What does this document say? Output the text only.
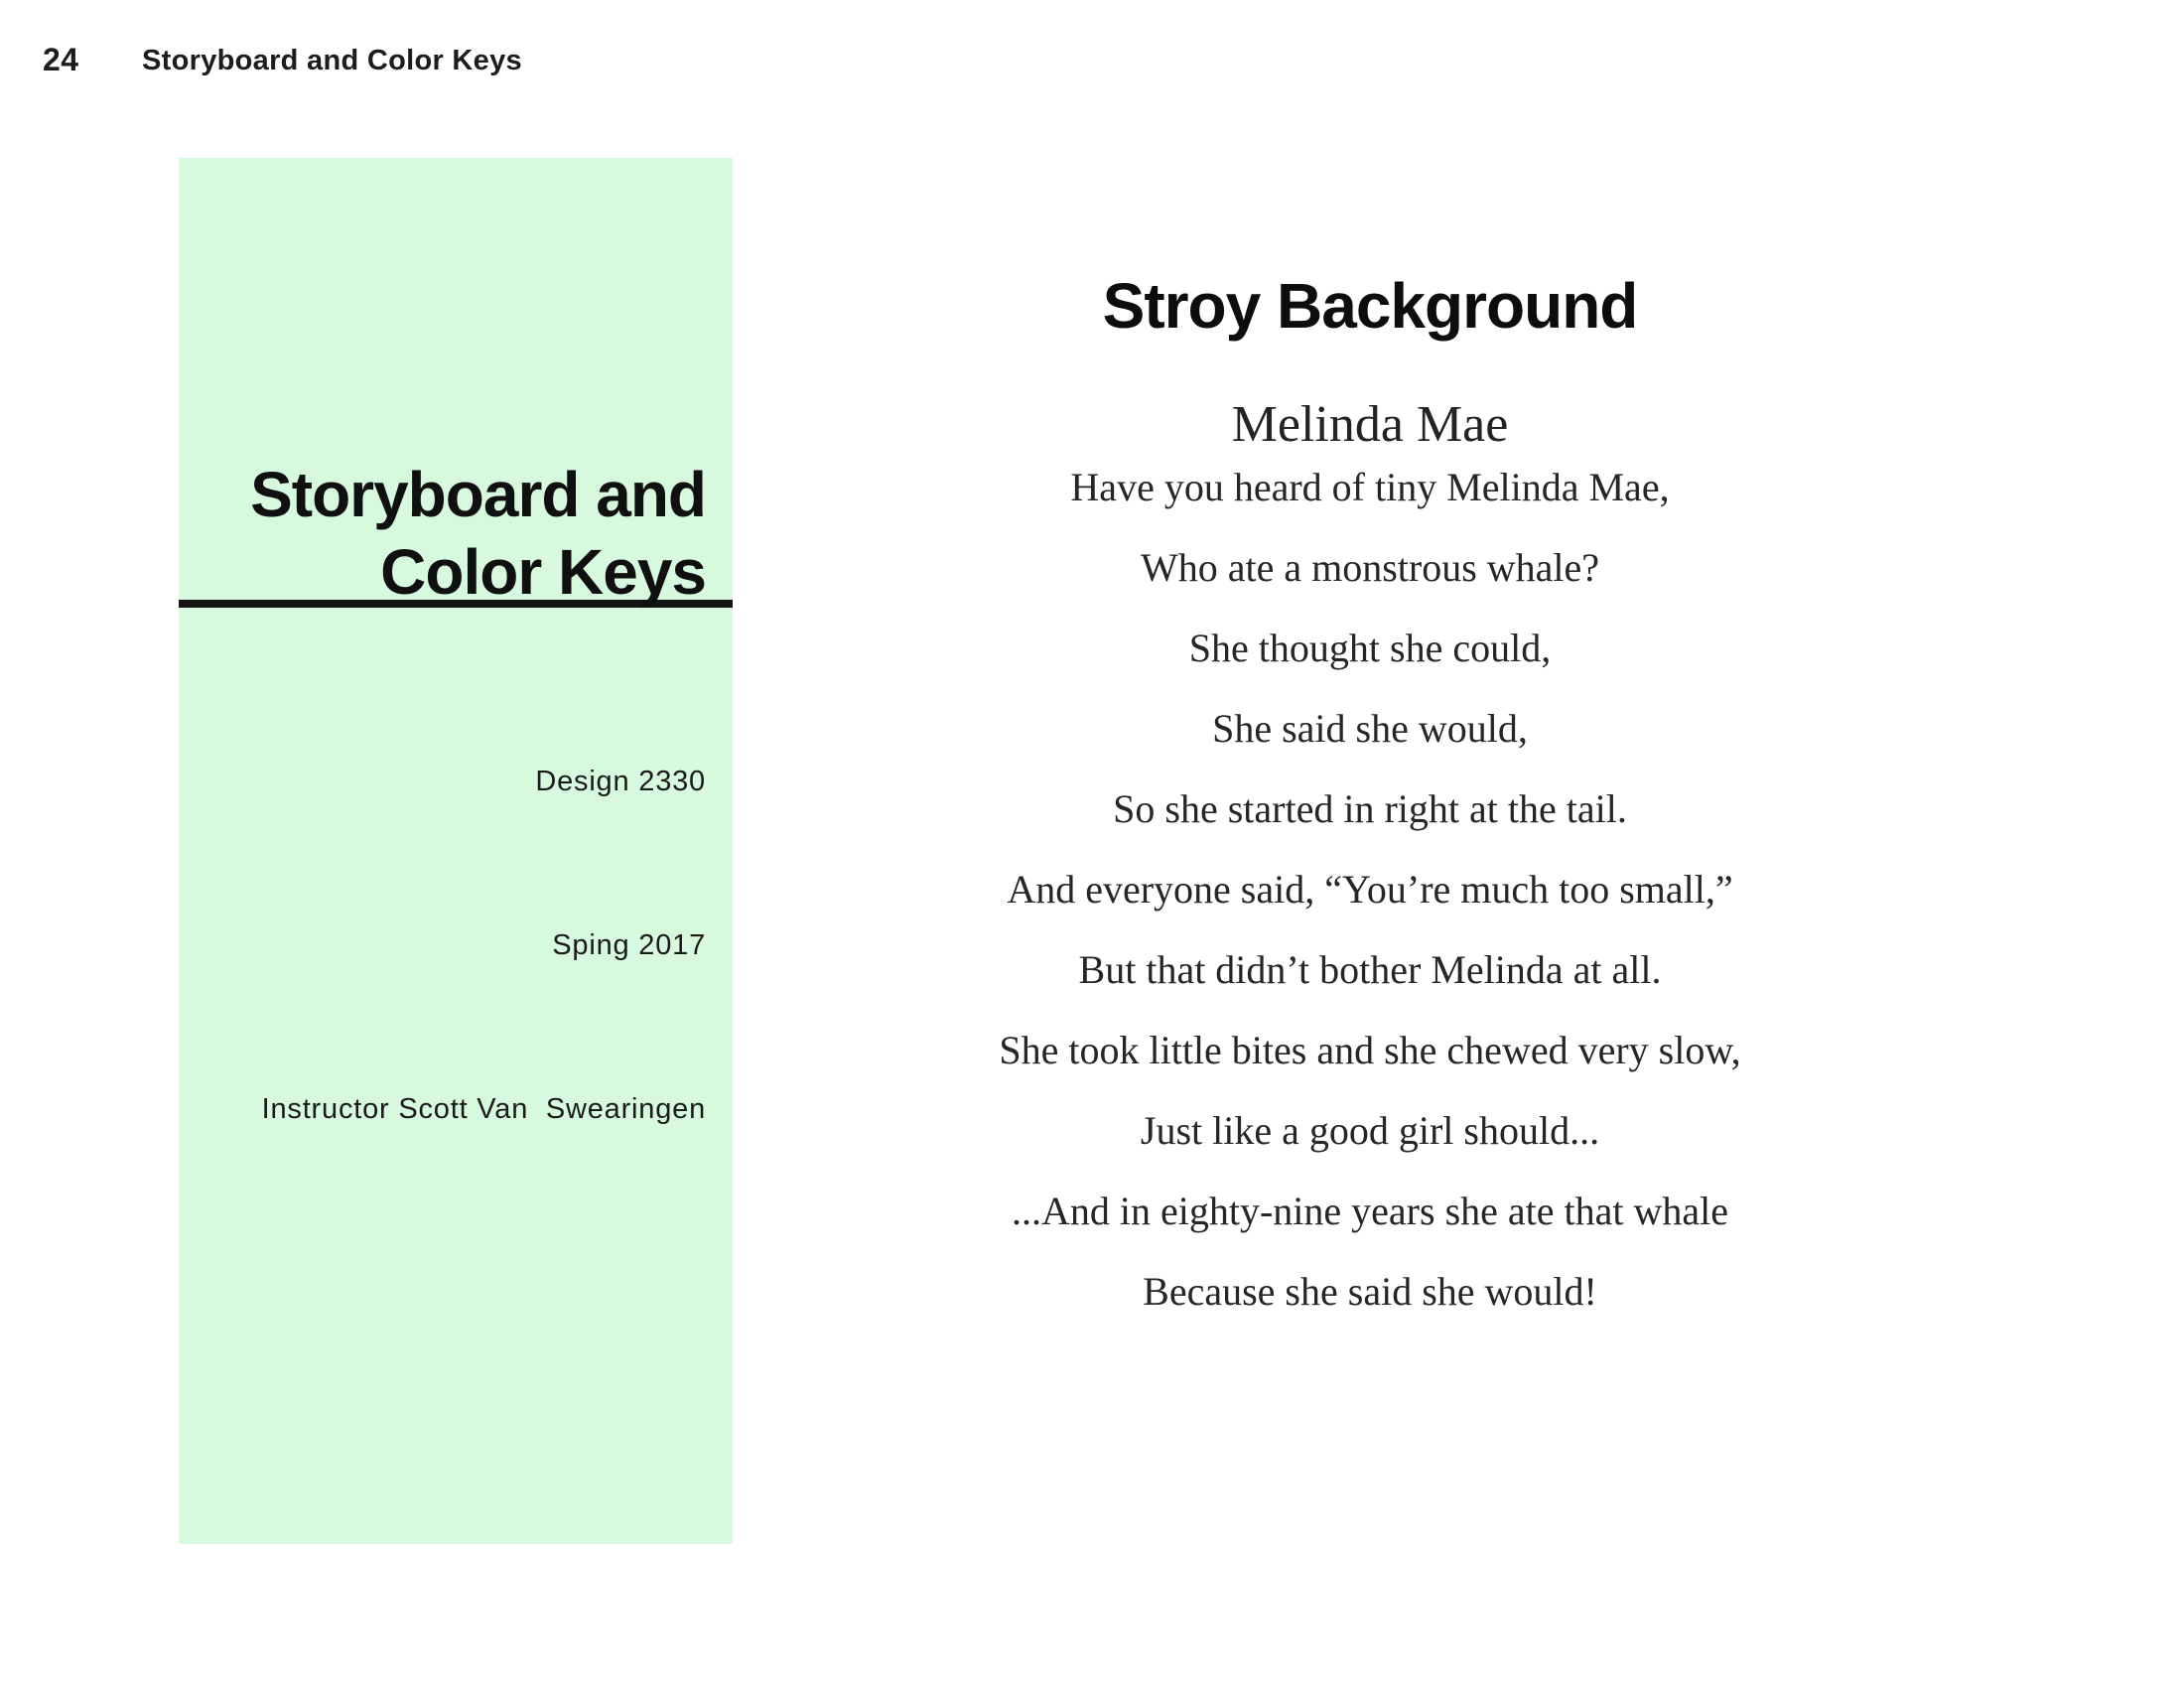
24 Storyboard and Color Keys
Storyboard and
Color Keys

Design 2330

Sping 2017

Instructor Scott Van  Swearingen

Stroy Background
Melinda Mae
Have you heard of tiny Melinda Mae,
Who ate a monstrous whale?
She thought she could,
She said she would,
So she started in right at the tail.
And everyone said, “You’re much too small,”
But that didn’t bother Melinda at all.
She took little bites and she chewed very slow,
Just like a good girl should...
...And in eighty-nine years she ate that whale
Because she said she would!
